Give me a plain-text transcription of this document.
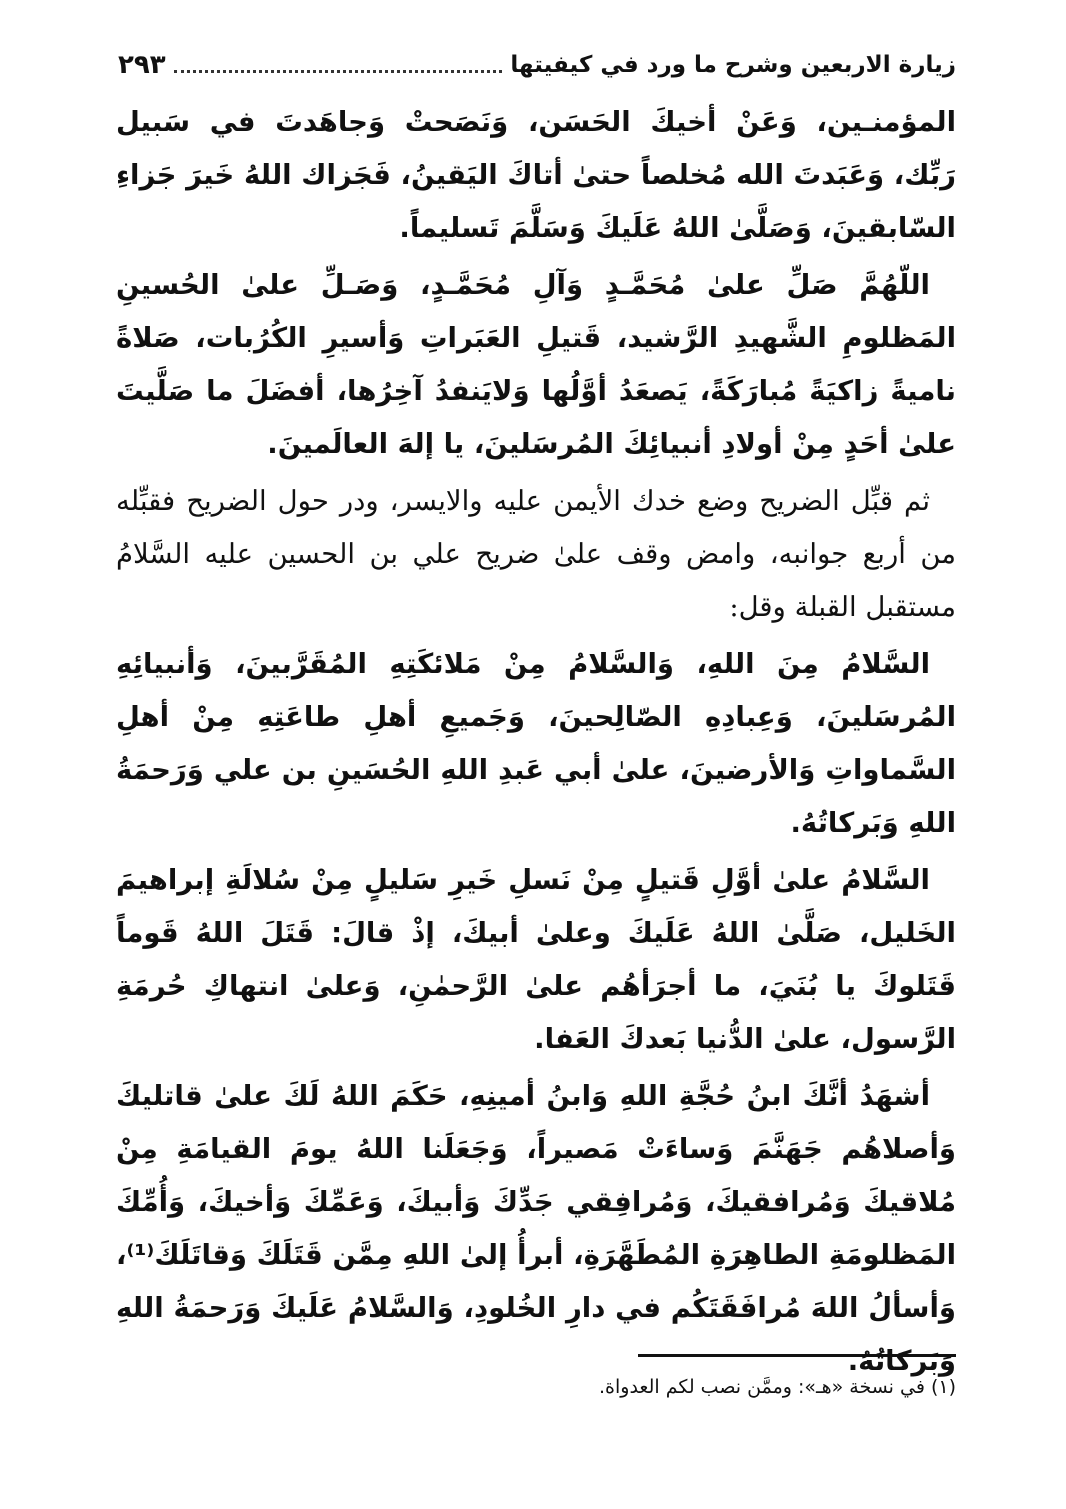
زيارة الاربعين وشرح ما ورد في كيفيتها
٢٩٣

المؤمنـين، وَعَنْ أخيكَ الحَسَن، وَنَصَحتْ وَجاهَدتَ في سَبيل رَبِّك، وَعَبَدتَ الله مُخلصاً حتىٰ أتاكَ اليَقينُ، فَجَزاك اللهُ خَيرَ جَزاءِ السّابقينَ، وَصَلَّىٰ اللهُ عَلَيكَ وَسَلَّمَ تَسليماً.

اللّهُمَّ صَلِّ علىٰ مُحَمَّـدٍ وَآلِ مُحَمَّـدٍ، وَصَـلِّ علىٰ الحُسينِ المَظلومِ الشَّهيدِ الرَّشيد، قَتيلِ العَبَراتِ وَأسيرِ الكُرُبات، صَلاةً ناميةً زاكيَةً مُبارَكَةً، يَصعَدُ أوَّلُها وَلايَنفدُ آخِرُها، أفضَلَ ما صَلَّيتَ علىٰ أحَدٍ مِنْ أولادِ أنبيائِكَ المُرسَلينَ، يا إلهَ العالَمينَ.

ثم قبِّل الضريح وضع خدك الأيمن عليه والايسر، ودر حول الضريح فقبِّله من أربع جوانبه، وامض وقف علىٰ ضريح علي بن الحسين عليه السَّلامُ مستقبل القبلة وقل:

السَّلامُ مِنَ اللهِ، وَالسَّلامُ مِنْ مَلائكَتِهِ المُقَرَّبينَ، وَأنبيائِهِ المُرسَلينَ، وَعِبادِهِ الصّالِحينَ، وَجَميعِ أهلِ طاعَتِهِ مِنْ أهلِ السَّماواتِ وَالأرضينَ، علىٰ أبي عَبدِ اللهِ الحُسَينِ بن علي وَرَحمَةُ اللهِ وَبَركاتُهُ.

السَّلامُ علىٰ أوَّلِ قَتيلٍ مِنْ نَسلِ خَيرِ سَليلٍ مِنْ سُلالَةِ إبراهيمَ الخَليل، صَلَّىٰ اللهُ عَلَيكَ وعلىٰ أبيكَ، إذْ قالَ: قَتَلَ اللهُ قَوماً قَتَلوكَ يا بُنَيَ، ما أجرَأهُم علىٰ الرَّحمٰنِ، وَعلىٰ انتهاكِ حُرمَةِ الرَّسول، علىٰ الدُّنيا بَعدكَ العَفا.

أشهَدُ أنَّكَ ابنُ حُجَّةِ اللهِ وَابنُ أمينِهِ، حَكَمَ اللهُ لَكَ علىٰ قاتليكَ وَأصلاهُم جَهَنَّمَ وَساءَتْ مَصيراً، وَجَعَلَنا اللهُ يومَ القيامَةِ مِنْ مُلاقيكَ وَمُرافقيكَ، وَمُرافِقي جَدِّكَ وَأبيكَ، وَعَمِّكَ وَأخيكَ، وَأُمِّكَ المَظلومَةِ الطاهِرَةِ المُطَهَّرَةِ، أبرأُ إلىٰ اللهِ مِمَّن قَتَلَكَ وَقاتَلَكَ⁽¹⁾، وَأسألُ اللهَ مُرافَقَتَكُم في دارِ الخُلودِ، وَالسَّلامُ عَلَيكَ وَرَحمَةُ اللهِ وَبَركاتُهُ.

(١) في نسخة «هـ»: وممَّن نصب لكم العدواة.
